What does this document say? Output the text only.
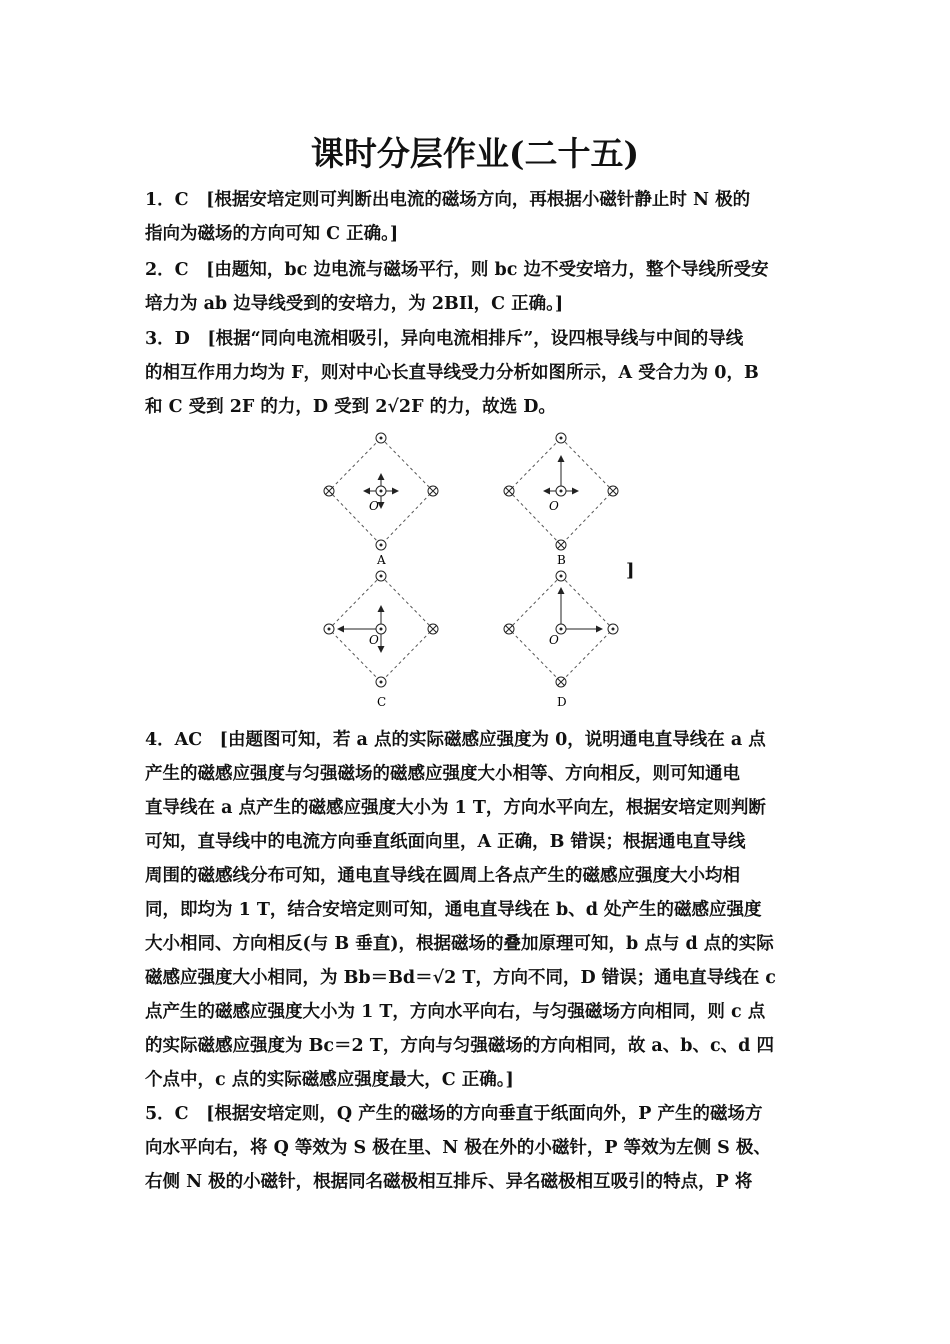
课时分层作业(二十五)
1．C　[根据安培定则可判断出电流的磁场方向，再根据小磁针静止时 N 极的
指向为磁场的方向可知 C 正确。]
2．C　[由题知，bc 边电流与磁场平行，则 bc 边不受安培力，整个导线所受安
培力为 ab 边导线受到的安培力，为 2BIl，C 正确。]
3．D　[根据“同向电流相吸引，异向电流相排斥”，设四根导线与中间的导线
的相互作用力均为 F，则对中心长直导线受力分析如图所示，A 受合力为 0，B
和 C 受到 2F 的力，D 受到 2√2F 的力，故选 D。
O
A
O
B
O
C
O
D
]
4．AC　[由题图可知，若 a 点的实际磁感应强度为 0，说明通电直导线在 a 点
产生的磁感应强度与匀强磁场的磁感应强度大小相等、方向相反，则可知通电
直导线在 a 点产生的磁感应强度大小为 1 T，方向水平向左，根据安培定则判断
可知，直导线中的电流方向垂直纸面向里，A 正确，B 错误；根据通电直导线
周围的磁感线分布可知，通电直导线在圆周上各点产生的磁感应强度大小均相
同，即均为 1 T，结合安培定则可知，通电直导线在 b、d 处产生的磁感应强度
大小相同、方向相反(与 B 垂直)，根据磁场的叠加原理可知，b 点与 d 点的实际
磁感应强度大小相同，为 Bb＝Bd＝√2 T，方向不同，D 错误；通电直导线在 c
点产生的磁感应强度大小为 1 T，方向水平向右，与匀强磁场方向相同，则 c 点
的实际磁感应强度为 Bc＝2 T，方向与匀强磁场的方向相同，故 a、b、c、d 四
个点中，c 点的实际磁感应强度最大，C 正确。]
5．C　[根据安培定则，Q 产生的磁场的方向垂直于纸面向外，P 产生的磁场方
向水平向右，将 Q 等效为 S 极在里、N 极在外的小磁针，P 等效为左侧 S 极、
右侧 N 极的小磁针，根据同名磁极相互排斥、异名磁极相互吸引的特点，P 将
